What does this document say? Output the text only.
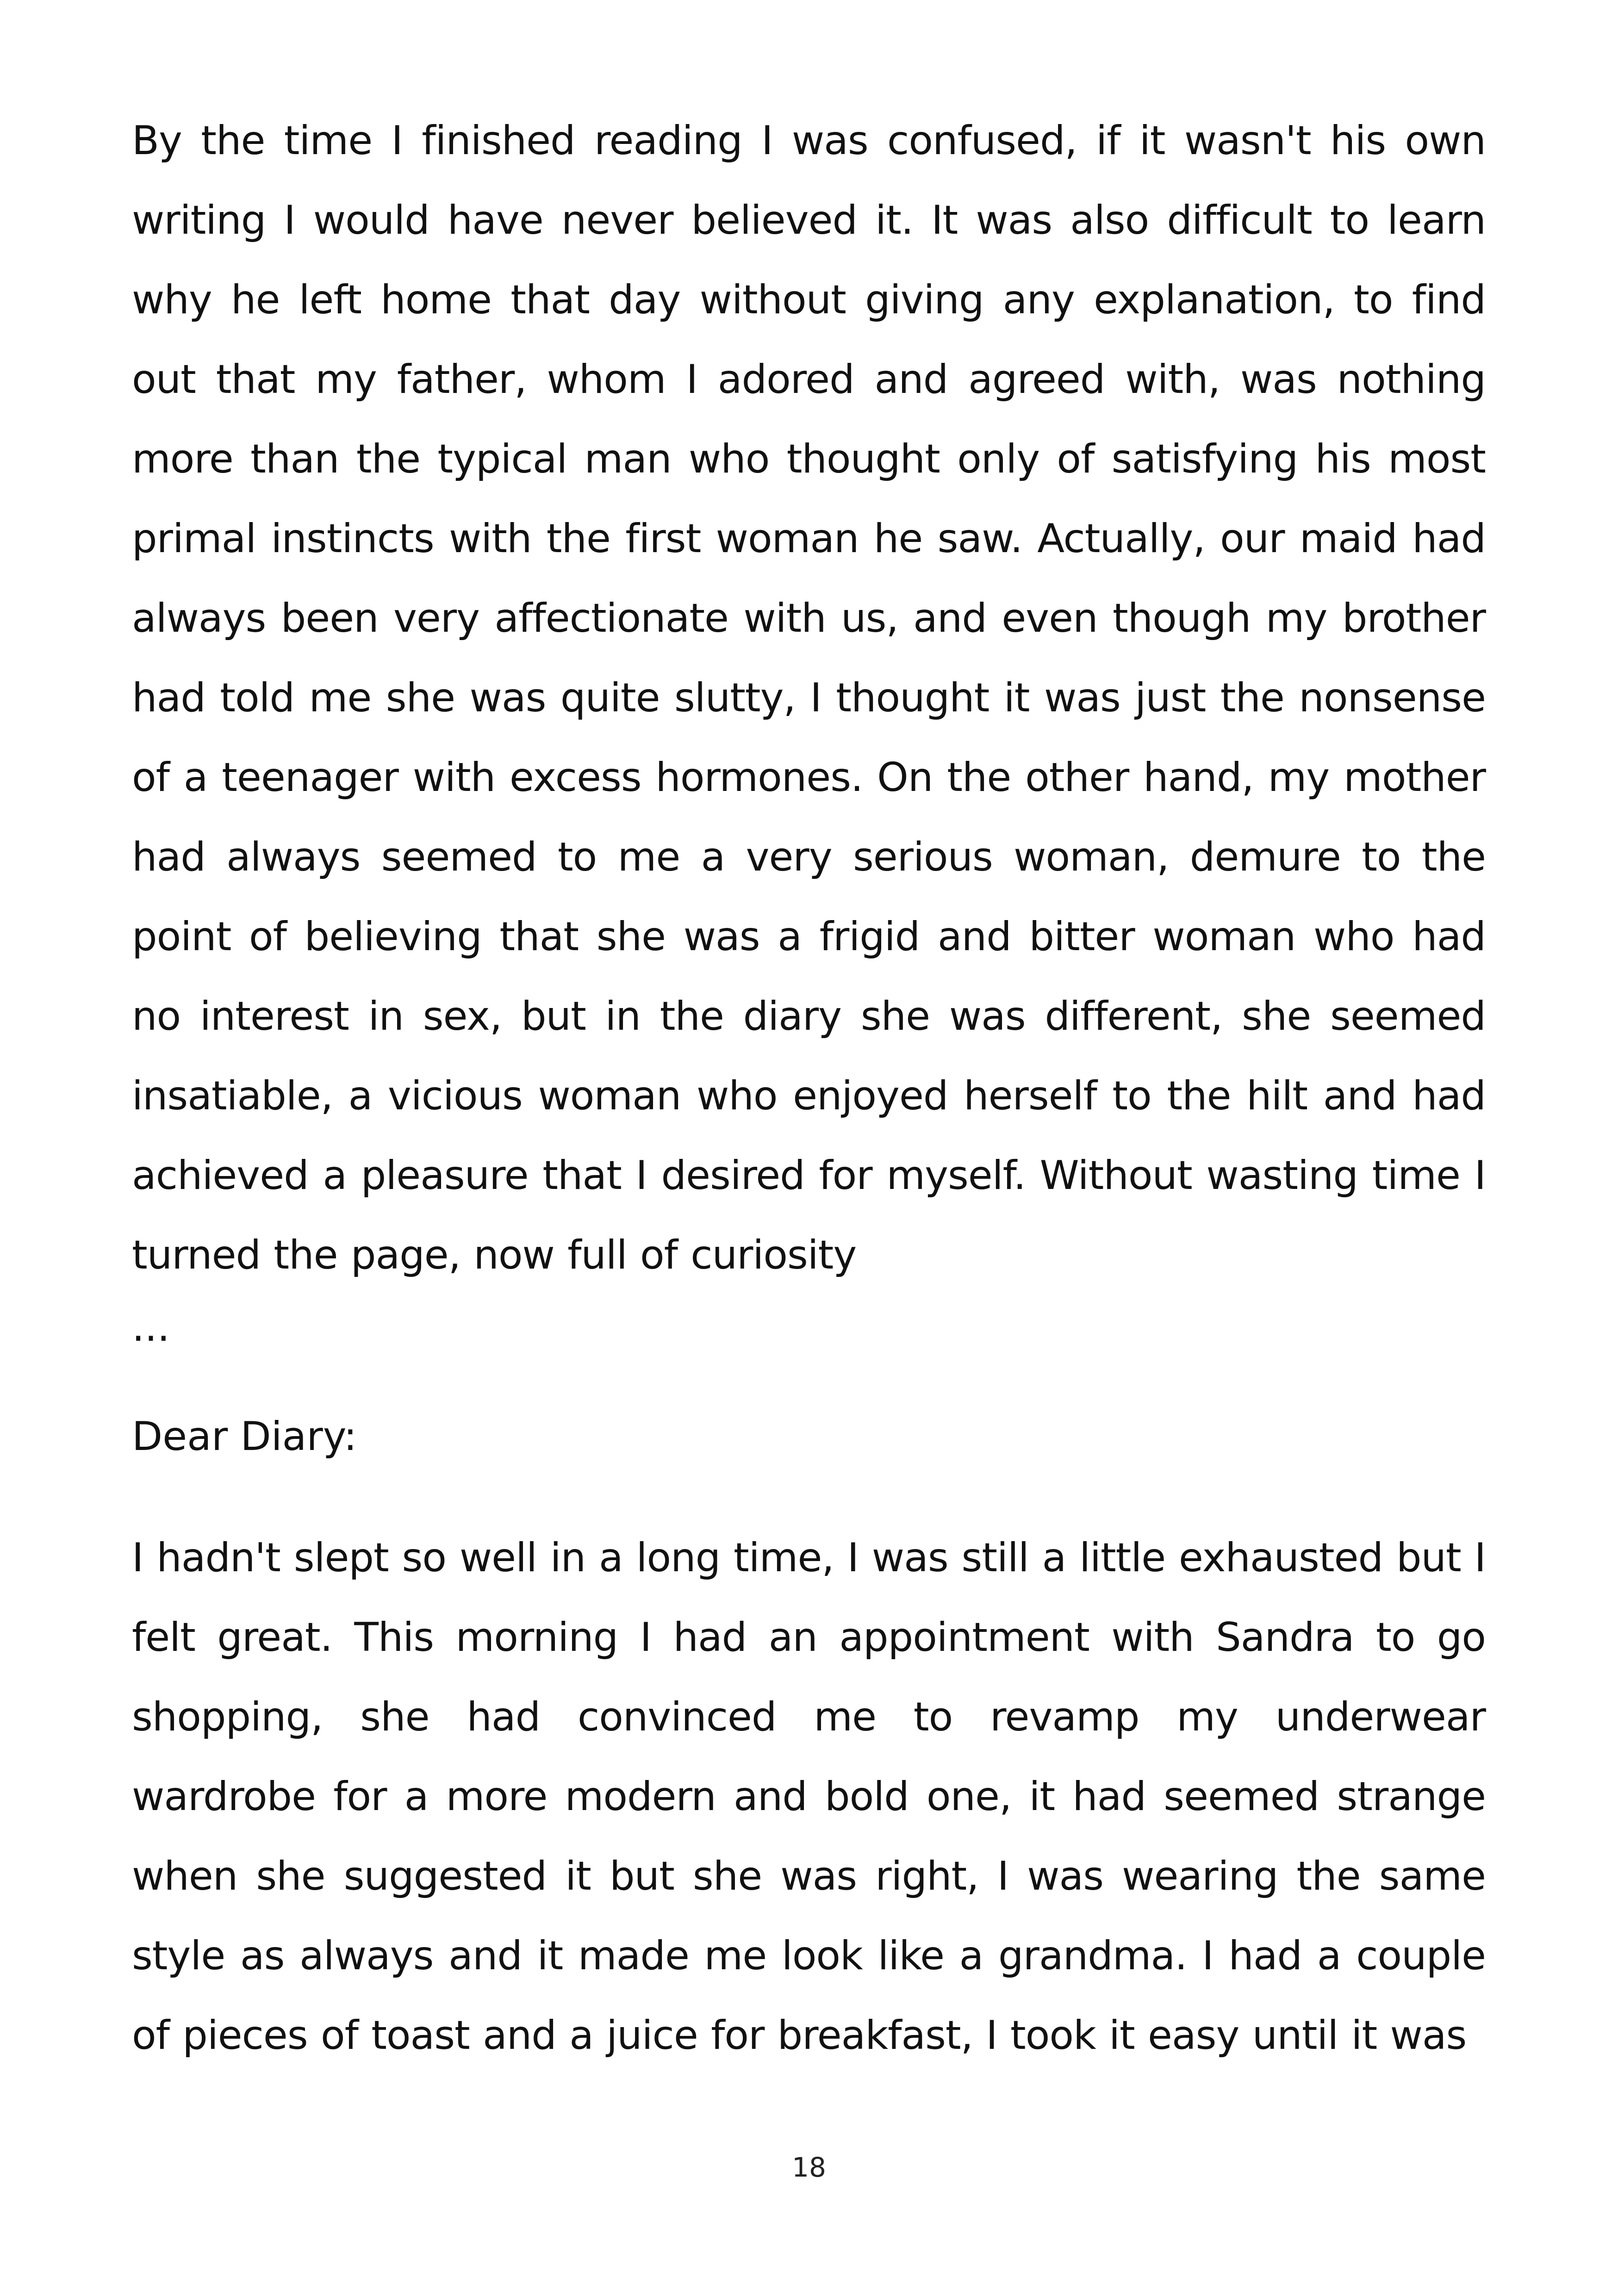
By the time I finished reading I was confused, if it wasn't his own writing I would have never believed it. It was also difficult to learn why he left home that day without giving any explanation, to find out that my father, whom I adored and agreed with, was nothing more than the typical man who thought only of satisfying his most primal instincts with the first woman he saw. Actually, our maid had always been very affectionate with us, and even though my brother had told me she was quite slutty, I thought it was just the nonsense of a teenager with excess hormones. On the other hand, my mother had always seemed to me a very serious woman, demure to the point of believing that she was a frigid and bitter woman who had no interest in sex, but in the diary she was different, she seemed insatiable, a vicious woman who enjoyed herself to the hilt and had achieved a pleasure that I desired for myself. Without wasting time I turned the page, now full of curiosity

...

Dear Diary:

I hadn't slept so well in a long time, I was still a little exhausted but I felt great. This morning I had an appointment with Sandra to go shopping, she had convinced me to revamp my underwear wardrobe for a more modern and bold one, it had seemed strange when she suggested it but she was right, I was wearing the same style as always and it made me look like a grandma. I had a couple of pieces of toast and a juice for breakfast, I took it easy until it was

18
